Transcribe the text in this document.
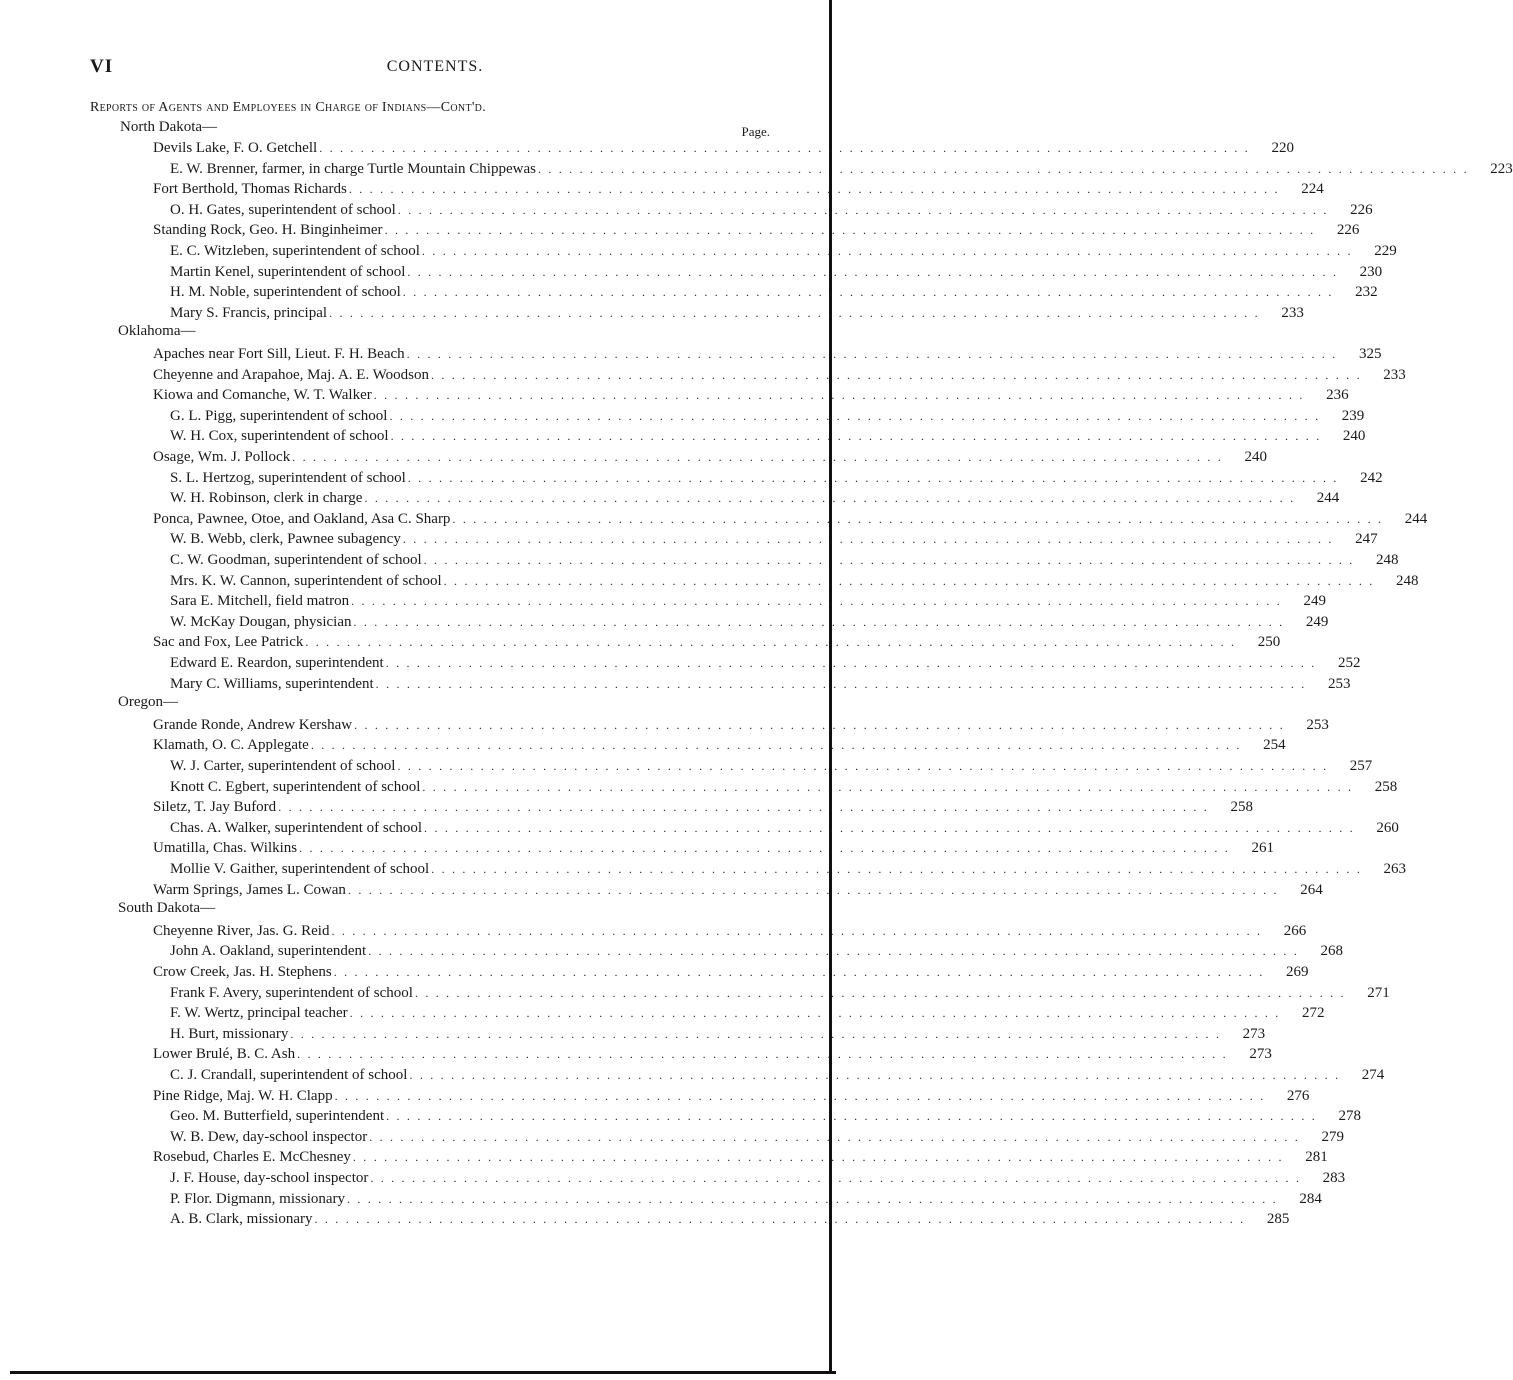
VI	CONTENTS.
Reports of Agents and Employees in Charge of Indians—Cont'd.
Page.
North Dakota—
Devils Lake, F. O. Getchell . . . . . . . . . . . . . . . . . . . . . . . . . . . . . . . . . . . . . . . . . . . . . . . . . . . . . . . . . . . . . . . . . . . . . . . . . . . . . . . . . . . . . . . . . .	220
E. W. Brenner, farmer, in charge Turtle Mountain Chippewas . . . . . . . . . . . . . . . . . . . . . . . . . . . . . . . . . . . . . . . . . . . . . . . . . . . . . . . . . . . . . . . . . . . . . . . . . . . . . . . . . . . . . . . . . .	223
Fort Berthold, Thomas Richards . . . . . . . . . . . . . . . . . . . . . . . . . . . . . . . . . . . . . . . . . . . . . . . . . . . . . . . . . . . . . . . . . . . . . . . . . . . . . . . . . . . . . . . . . .	224
O. H. Gates, superintendent of school . . . . . . . . . . . . . . . . . . . . . . . . . . . . . . . . . . . . . . . . . . . . . . . . . . . . . . . . . . . . . . . . . . . . . . . . . . . . . . . . . . . . . . . . . .	226
Standing Rock, Geo. H. Binginheimer . . . . . . . . . . . . . . . . . . . . . . . . . . . . . . . . . . . . . . . . . . . . . . . . . . . . . . . . . . . . . . . . . . . . . . . . . . . . . . . . . . . . . . . . . .	226
E. C. Witzleben, superintendent of school . . . . . . . . . . . . . . . . . . . . . . . . . . . . . . . . . . . . . . . . . . . . . . . . . . . . . . . . . . . . . . . . . . . . . . . . . . . . . . . . . . . . . . . . . .	229
Martin Kenel, superintendent of school . . . . . . . . . . . . . . . . . . . . . . . . . . . . . . . . . . . . . . . . . . . . . . . . . . . . . . . . . . . . . . . . . . . . . . . . . . . . . . . . . . . . . . . . . .	230
H. M. Noble, superintendent of school . . . . . . . . . . . . . . . . . . . . . . . . . . . . . . . . . . . . . . . . . . . . . . . . . . . . . . . . . . . . . . . . . . . . . . . . . . . . . . . . . . . . . . . . . .	232
Mary S. Francis, principal . . . . . . . . . . . . . . . . . . . . . . . . . . . . . . . . . . . . . . . . . . . . . . . . . . . . . . . . . . . . . . . . . . . . . . . . . . . . . . . . . . . . . . . . . .	233
Oklahoma—
Apaches near Fort Sill, Lieut. F. H. Beach . . . . . . . . . . . . . . . . . . . . . . . . . . . . . . . . . . . . . . . . . . . . . . . . . . . . . . . . . . . . . . . . . . . . . . . . . . . . . . . . . . . . . . . . . .	325
Cheyenne and Arapahoe, Maj. A. E. Woodson . . . . . . . . . . . . . . . . . . . . . . . . . . . . . . . . . . . . . . . . . . . . . . . . . . . . . . . . . . . . . . . . . . . . . . . . . . . . . . . . . . . . . . . . . .	233
Kiowa and Comanche, W. T. Walker . . . . . . . . . . . . . . . . . . . . . . . . . . . . . . . . . . . . . . . . . . . . . . . . . . . . . . . . . . . . . . . . . . . . . . . . . . . . . . . . . . . . . . . . . .	236
G. L. Pigg, superintendent of school . . . . . . . . . . . . . . . . . . . . . . . . . . . . . . . . . . . . . . . . . . . . . . . . . . . . . . . . . . . . . . . . . . . . . . . . . . . . . . . . . . . . . . . . . .	239
W. H. Cox, superintendent of school . . . . . . . . . . . . . . . . . . . . . . . . . . . . . . . . . . . . . . . . . . . . . . . . . . . . . . . . . . . . . . . . . . . . . . . . . . . . . . . . . . . . . . . . . .	240
Osage, Wm. J. Pollock . . . . . . . . . . . . . . . . . . . . . . . . . . . . . . . . . . . . . . . . . . . . . . . . . . . . . . . . . . . . . . . . . . . . . . . . . . . . . . . . . . . . . . . . . .	240
S. L. Hertzog, superintendent of school . . . . . . . . . . . . . . . . . . . . . . . . . . . . . . . . . . . . . . . . . . . . . . . . . . . . . . . . . . . . . . . . . . . . . . . . . . . . . . . . . . . . . . . . . .	242
W. H. Robinson, clerk in charge . . . . . . . . . . . . . . . . . . . . . . . . . . . . . . . . . . . . . . . . . . . . . . . . . . . . . . . . . . . . . . . . . . . . . . . . . . . . . . . . . . . . . . . . . .	244
Ponca, Pawnee, Otoe, and Oakland, Asa C. Sharp . . . . . . . . . . . . . . . . . . . . . . . . . . . . . . . . . . . . . . . . . . . . . . . . . . . . . . . . . . . . . . . . . . . . . . . . . . . . . . . . . . . . . . . . . .	244
W. B. Webb, clerk, Pawnee subagency . . . . . . . . . . . . . . . . . . . . . . . . . . . . . . . . . . . . . . . . . . . . . . . . . . . . . . . . . . . . . . . . . . . . . . . . . . . . . . . . . . . . . . . . . .	247
C. W. Goodman, superintendent of school . . . . . . . . . . . . . . . . . . . . . . . . . . . . . . . . . . . . . . . . . . . . . . . . . . . . . . . . . . . . . . . . . . . . . . . . . . . . . . . . . . . . . . . . . .	248
Mrs. K. W. Cannon, superintendent of school . . . . . . . . . . . . . . . . . . . . . . . . . . . . . . . . . . . . . . . . . . . . . . . . . . . . . . . . . . . . . . . . . . . . . . . . . . . . . . . . . . . . . . . . . .	248
Sara E. Mitchell, field matron . . . . . . . . . . . . . . . . . . . . . . . . . . . . . . . . . . . . . . . . . . . . . . . . . . . . . . . . . . . . . . . . . . . . . . . . . . . . . . . . . . . . . . . . . .	249
W. McKay Dougan, physician . . . . . . . . . . . . . . . . . . . . . . . . . . . . . . . . . . . . . . . . . . . . . . . . . . . . . . . . . . . . . . . . . . . . . . . . . . . . . . . . . . . . . . . . . .	249
Sac and Fox, Lee Patrick . . . . . . . . . . . . . . . . . . . . . . . . . . . . . . . . . . . . . . . . . . . . . . . . . . . . . . . . . . . . . . . . . . . . . . . . . . . . . . . . . . . . . . . . . .	250
Edward E. Reardon, superintendent . . . . . . . . . . . . . . . . . . . . . . . . . . . . . . . . . . . . . . . . . . . . . . . . . . . . . . . . . . . . . . . . . . . . . . . . . . . . . . . . . . . . . . . . . .	252
Mary C. Williams, superintendent . . . . . . . . . . . . . . . . . . . . . . . . . . . . . . . . . . . . . . . . . . . . . . . . . . . . . . . . . . . . . . . . . . . . . . . . . . . . . . . . . . . . . . . . . .	253
Oregon—
Grande Ronde, Andrew Kershaw . . . . . . . . . . . . . . . . . . . . . . . . . . . . . . . . . . . . . . . . . . . . . . . . . . . . . . . . . . . . . . . . . . . . . . . . . . . . . . . . . . . . . . . . . .	253
Klamath, O. C. Applegate . . . . . . . . . . . . . . . . . . . . . . . . . . . . . . . . . . . . . . . . . . . . . . . . . . . . . . . . . . . . . . . . . . . . . . . . . . . . . . . . . . . . . . . . . .	254
W. J. Carter, superintendent of school . . . . . . . . . . . . . . . . . . . . . . . . . . . . . . . . . . . . . . . . . . . . . . . . . . . . . . . . . . . . . . . . . . . . . . . . . . . . . . . . . . . . . . . . . .	257
Knott C. Egbert, superintendent of school . . . . . . . . . . . . . . . . . . . . . . . . . . . . . . . . . . . . . . . . . . . . . . . . . . . . . . . . . . . . . . . . . . . . . . . . . . . . . . . . . . . . . . . . . .	258
Siletz, T. Jay Buford . . . . . . . . . . . . . . . . . . . . . . . . . . . . . . . . . . . . . . . . . . . . . . . . . . . . . . . . . . . . . . . . . . . . . . . . . . . . . . . . . . . . . . . . . .	258
Chas. A. Walker, superintendent of school . . . . . . . . . . . . . . . . . . . . . . . . . . . . . . . . . . . . . . . . . . . . . . . . . . . . . . . . . . . . . . . . . . . . . . . . . . . . . . . . . . . . . . . . . .	260
Umatilla, Chas. Wilkins . . . . . . . . . . . . . . . . . . . . . . . . . . . . . . . . . . . . . . . . . . . . . . . . . . . . . . . . . . . . . . . . . . . . . . . . . . . . . . . . . . . . . . . . . .	261
Mollie V. Gaither, superintendent of school . . . . . . . . . . . . . . . . . . . . . . . . . . . . . . . . . . . . . . . . . . . . . . . . . . . . . . . . . . . . . . . . . . . . . . . . . . . . . . . . . . . . . . . . . .	263
Warm Springs, James L. Cowan . . . . . . . . . . . . . . . . . . . . . . . . . . . . . . . . . . . . . . . . . . . . . . . . . . . . . . . . . . . . . . . . . . . . . . . . . . . . . . . . . . . . . . . . . .	264
South Dakota—
Cheyenne River, Jas. G. Reid . . . . . . . . . . . . . . . . . . . . . . . . . . . . . . . . . . . . . . . . . . . . . . . . . . . . . . . . . . . . . . . . . . . . . . . . . . . . . . . . . . . . . . . . . .	266
John A. Oakland, superintendent . . . . . . . . . . . . . . . . . . . . . . . . . . . . . . . . . . . . . . . . . . . . . . . . . . . . . . . . . . . . . . . . . . . . . . . . . . . . . . . . . . . . . . . . . .	268
Crow Creek, Jas. H. Stephens . . . . . . . . . . . . . . . . . . . . . . . . . . . . . . . . . . . . . . . . . . . . . . . . . . . . . . . . . . . . . . . . . . . . . . . . . . . . . . . . . . . . . . . . . .	269
Frank F. Avery, superintendent of school . . . . . . . . . . . . . . . . . . . . . . . . . . . . . . . . . . . . . . . . . . . . . . . . . . . . . . . . . . . . . . . . . . . . . . . . . . . . . . . . . . . . . . . . . .	271
F. W. Wertz, principal teacher . . . . . . . . . . . . . . . . . . . . . . . . . . . . . . . . . . . . . . . . . . . . . . . . . . . . . . . . . . . . . . . . . . . . . . . . . . . . . . . . . . . . . . . . . .	272
H. Burt, missionary . . . . . . . . . . . . . . . . . . . . . . . . . . . . . . . . . . . . . . . . . . . . . . . . . . . . . . . . . . . . . . . . . . . . . . . . . . . . . . . . . . . . . . . . . .	273
Lower Brulé, B. C. Ash . . . . . . . . . . . . . . . . . . . . . . . . . . . . . . . . . . . . . . . . . . . . . . . . . . . . . . . . . . . . . . . . . . . . . . . . . . . . . . . . . . . . . . . . . .	273
C. J. Crandall, superintendent of school . . . . . . . . . . . . . . . . . . . . . . . . . . . . . . . . . . . . . . . . . . . . . . . . . . . . . . . . . . . . . . . . . . . . . . . . . . . . . . . . . . . . . . . . . .	274
Pine Ridge, Maj. W. H. Clapp . . . . . . . . . . . . . . . . . . . . . . . . . . . . . . . . . . . . . . . . . . . . . . . . . . . . . . . . . . . . . . . . . . . . . . . . . . . . . . . . . . . . . . . . . .	276
Geo. M. Butterfield, superintendent . . . . . . . . . . . . . . . . . . . . . . . . . . . . . . . . . . . . . . . . . . . . . . . . . . . . . . . . . . . . . . . . . . . . . . . . . . . . . . . . . . . . . . . . . .	278
W. B. Dew, day-school inspector . . . . . . . . . . . . . . . . . . . . . . . . . . . . . . . . . . . . . . . . . . . . . . . . . . . . . . . . . . . . . . . . . . . . . . . . . . . . . . . . . . . . . . . . . .	279
Rosebud, Charles E. McChesney . . . . . . . . . . . . . . . . . . . . . . . . . . . . . . . . . . . . . . . . . . . . . . . . . . . . . . . . . . . . . . . . . . . . . . . . . . . . . . . . . . . . . . . . . .	281
J. F. House, day-school inspector . . . . . . . . . . . . . . . . . . . . . . . . . . . . . . . . . . . . . . . . . . . . . . . . . . . . . . . . . . . . . . . . . . . . . . . . . . . . . . . . . . . . . . . . . .	283
P. Flor. Digmann, missionary . . . . . . . . . . . . . . . . . . . . . . . . . . . . . . . . . . . . . . . . . . . . . . . . . . . . . . . . . . . . . . . . . . . . . . . . . . . . . . . . . . . . . . . . . .	284
A. B. Clark, missionary . . . . . . . . . . . . . . . . . . . . . . . . . . . . . . . . . . . . . . . . . . . . . . . . . . . . . . . . . . . . . . . . . . . . . . . . . . . . . . . . . . . . . . . . . .	285
